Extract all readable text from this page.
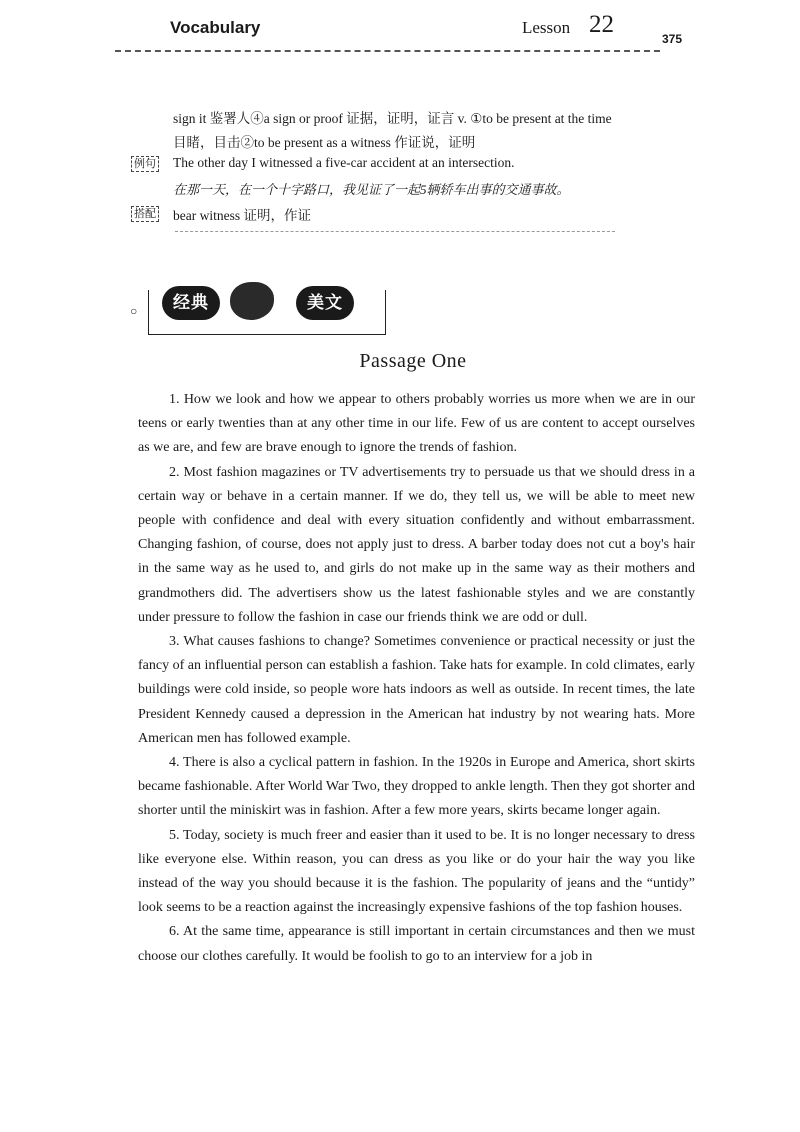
Vocabulary	Lesson 22
375
sign it 鉴署人④a sign or proof 证据，证明，证言 v. ①to be present at the time
目睹，目击②to be present as a witness 作证说，证明
例句 The other day I witnessed a five-car accident at an intersection.
在那一天，在一个十字路口，我见证了一起5辆轿车出事的交通事故。
搭配 bear witness 证明，作证
○	经典	美文
Passage One

1. How we look and how we appear to others probably worries us more when we are in our teens or early twenties than at any other time in our life. Few of us are content to accept ourselves as we are, and few are brave enough to ignore the trends of fashion.

2. Most fashion magazines or TV advertisements try to persuade us that we should dress in a certain way or behave in a certain manner. If we do, they tell us, we will be able to meet new people with confidence and deal with every situation confidently and without embarrassment. Changing fashion, of course, does not apply just to dress. A barber today does not cut a boy's hair in the same way as he used to, and girls do not make up in the same way as their mothers and grandmothers did. The advertisers show us the latest fashionable styles and we are constantly under pressure to follow the fashion in case our friends think we are odd or dull.

3. What causes fashions to change? Sometimes convenience or practical necessity or just the fancy of an influential person can establish a fashion. Take hats for example. In cold climates, early buildings were cold inside, so people wore hats indoors as well as outside. In recent times, the late President Kennedy caused a depression in the American hat industry by not wearing hats. More American men has followed example.

4. There is also a cyclical pattern in fashion. In the 1920s in Europe and America, short skirts became fashionable. After World War Two, they dropped to ankle length. Then they got shorter and shorter until the miniskirt was in fashion. After a few more years, skirts became longer again.

5. Today, society is much freer and easier than it used to be. It is no longer necessary to dress like everyone else. Within reason, you can dress as you like or do your hair the way you like instead of the way you should because it is the fashion. The popularity of jeans and the “untidy” look seems to be a reaction against the increasingly expensive fashions of the top fashion houses.

6. At the same time, appearance is still important in certain circumstances and then we must choose our clothes carefully. It would be foolish to go to an interview for a job in
